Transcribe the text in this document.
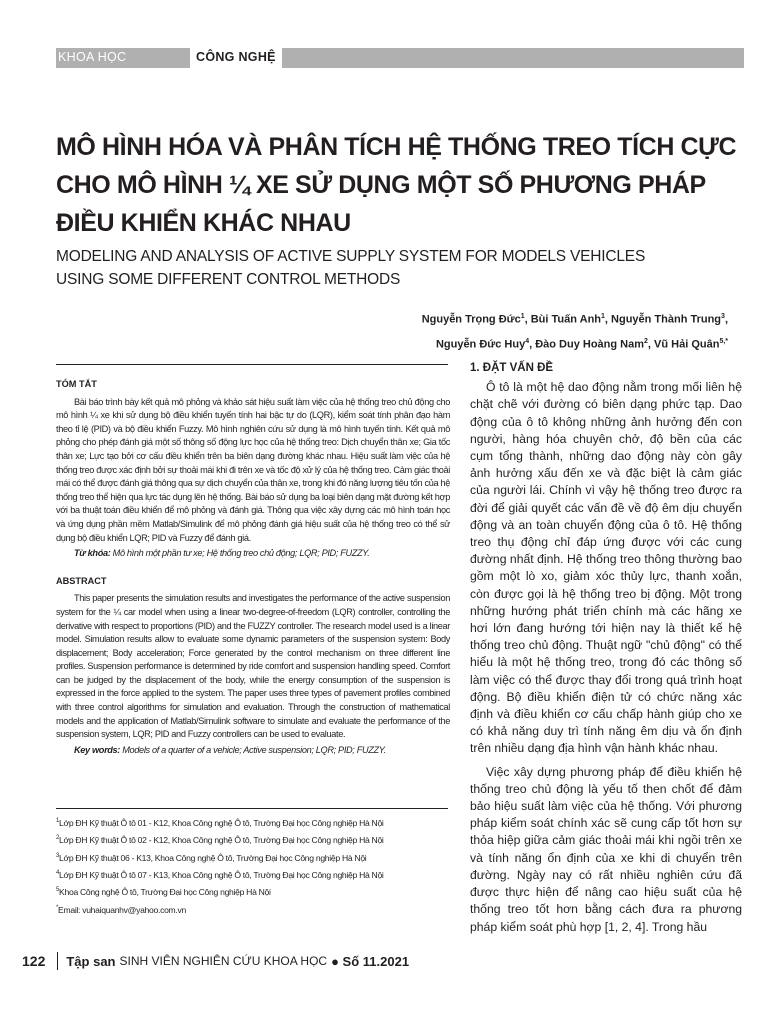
KHOA HỌC	CÔNG NGHỆ
MÔ HÌNH HÓA VÀ PHÂN TÍCH HỆ THỐNG TREO TÍCH CỰC
CHO MÔ HÌNH ¼ XE SỬ DỤNG MỘT SỐ PHƯƠNG PHÁP
ĐIỀU KHIỂN KHÁC NHAU
MODELING AND ANALYSIS OF ACTIVE SUPPLY SYSTEM FOR MODELS VEHICLES
USING SOME DIFFERENT CONTROL METHODS
Nguyễn Trọng Đức$^1$, Bùi Tuấn Anh$^1$, Nguyễn Thành Trung$^3$,
Nguyễn Đức Huy$^4$, Đào Duy Hoàng Nam$^2$, Vũ Hải Quân$^{5,*}$
TÓM TẮT
Bài báo trình bày kết quả mô phỏng và khảo sát hiệu suất làm việc của hệ thống treo chủ động cho mô hình ¼ xe khi sử dụng bộ điều khiển tuyến tính hai bậc tự do (LQR), kiểm soát tính phân đạo hàm theo tỉ lệ (PID) và bộ điều khiển Fuzzy. Mô hình nghiên cứu sử dụng là mô hình tuyến tính. Kết quả mô phỏng cho phép đánh giá một số thông số động lực học của hệ thống treo: Dịch chuyển thân xe; Gia tốc thân xe; Lực tạo bởi cơ cấu điều khiển trên ba biên dạng đường khác nhau. Hiệu suất làm việc của hệ thống treo được xác định bởi sự thoải mái khi đi trên xe và tốc độ xử lý của hệ thống treo. Cảm giác thoải mái có thể được đánh giá thông qua sự dịch chuyển của thân xe, trong khi đó năng lượng tiêu tốn của hệ thống treo thể hiện qua lực tác dụng lên hệ thống. Bài báo sử dụng ba loại biên dạng mặt đường kết hợp với ba thuật toán điều khiển để mô phỏng và đánh giá. Thông qua việc xây dựng các mô hình toán học và ứng dụng phần mềm Matlab/Simulink để mô phỏng đánh giá hiệu suất của hệ thống treo có thể sử dụng bộ điều khiển LQR; PID và Fuzzy để đánh giá.
Từ khóa: Mô hình một phần tư xe; Hệ thống treo chủ động; LQR; PID; FUZZY.
ABSTRACT
This paper presents the simulation results and investigates the performance of the active suspension system for the ¼ car model when using a linear two-degree-of-freedom (LQR) controller, controlling the derivative with respect to proportions (PID) and the FUZZY controller. The research model used is a linear model. Simulation results allow to evaluate some dynamic parameters of the suspension system: Body displacement; Body acceleration; Force generated by the control mechanism on three different line profiles. Suspension performance is determined by ride comfort and suspension handling speed. Comfort can be judged by the displacement of the body, while the energy consumption of the suspension is expressed in the force applied to the system. The paper uses three types of pavement profiles combined with three control algorithms for simulation and evaluation. Through the construction of mathematical models and the application of Matlab/Simulink software to simulate and evaluate the performance of the suspension system, LQR; PID and Fuzzy controllers can be used to evaluate.
Key words: Models of a quarter of a vehicle; Active suspension; LQR; PID; FUZZY.
$^1$Lớp ĐH Kỹ thuật Ô tô 01 - K12, Khoa Công nghệ Ô tô, Trường Đại học Công nghiệp Hà Nội
$^2$Lớp ĐH Kỹ thuật Ô tô 02 - K12, Khoa Công nghệ Ô tô, Trường Đại học Công nghiệp Hà Nội
$^3$Lớp ĐH Kỹ thuật 06 - K13, Khoa Công nghệ Ô tô, Trường Đại học Công nghiệp Hà Nội
$^4$Lớp ĐH Kỹ thuật Ô tô 07 - K13, Khoa Công nghệ Ô tô, Trường Đại học Công nghiệp Hà Nội
$^5$Khoa Công nghệ Ô tô, Trường Đại học Công nghiệp Hà Nội
*Email: vuhaiquanhv@yahoo.com.vn
1. ĐẶT VẤN ĐỀ
Ô tô là một hệ dao động nằm trong mối liên hệ chặt chẽ với đường có biên dạng phức tạp. Dao động của ô tô không những ảnh hưởng đến con người, hàng hóa chuyên chở, độ bền của các cụm tổng thành, những dao động này còn gây ảnh hưởng xấu đến xe và đặc biệt là cảm giác của người lái. Chính vì vậy hệ thống treo được ra đời để giải quyết các vấn đề về độ êm dịu chuyển động và an toàn chuyển động của ô tô. Hệ thống treo thụ động chỉ đáp ứng được với các cung đường nhất định. Hệ thống treo thông thường bao gồm một lò xo, giảm xóc thủy lực, thanh xoắn, còn được gọi là hệ thống treo bị động. Một trong những hướng phát triển chính mà các hãng xe hơi lớn đang hướng tới hiện nay là thiết kế hệ thống treo chủ động. Thuật ngữ "chủ động" có thể hiểu là một hệ thống treo, trong đó các thông số làm việc có thể được thay đổi trong quá trình hoạt động. Bộ điều khiển điện tử có chức năng xác định và điều khiển cơ cấu chấp hành giúp cho xe có khả năng duy trì tính năng êm dịu và ổn định trên nhiều dạng địa hình vận hành khác nhau.
Việc xây dựng phương pháp để điều khiển hệ thống treo chủ động là yếu tố then chốt để đảm bảo hiệu suất làm việc của hệ thống. Với phương pháp kiểm soát chính xác sẽ cung cấp tốt hơn sự thỏa hiệp giữa cảm giác thoải mái khi ngồi trên xe và tính năng ổn định của xe khi di chuyển trên đường. Ngày nay có rất nhiều nghiên cứu đã được thực hiện để nâng cao hiệu suất của hệ thống treo tốt hơn bằng cách đưa ra phương pháp kiểm soát phù hợp [1, 2, 4]. Trong hầu
122 Tập san SINH VIÊN NGHIÊN CỨU KHOA HỌC ● Số 11.2021
